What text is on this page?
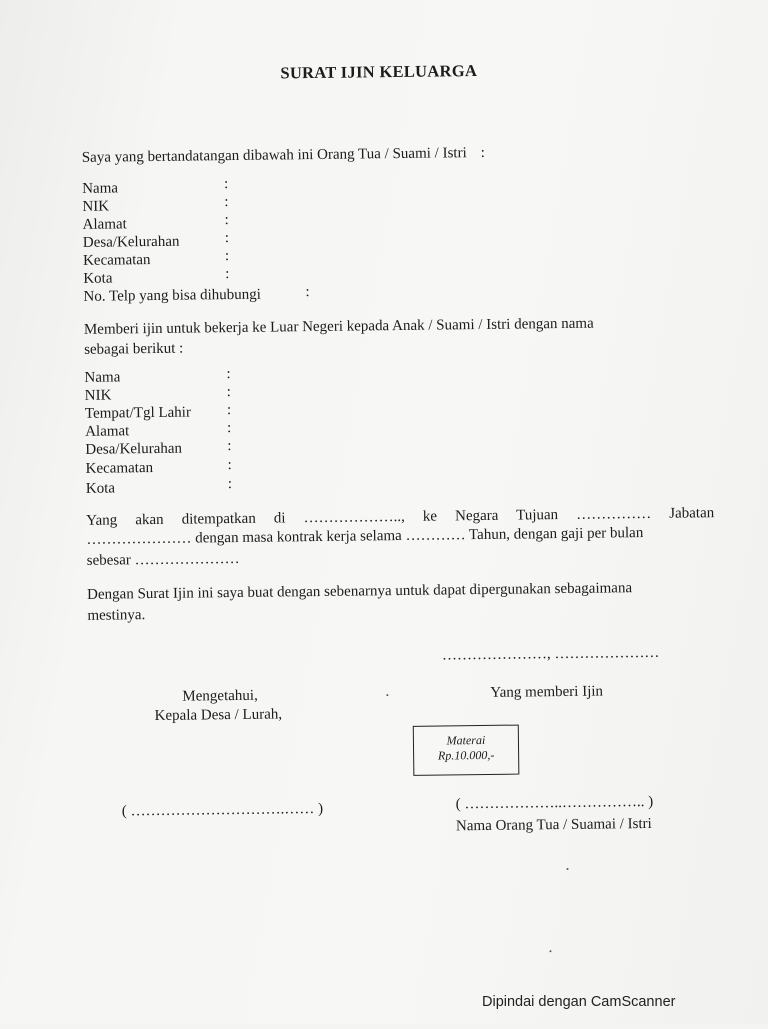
SURAT IJIN KELUARGA
Saya yang bertandatangan dibawah ini Orang Tua / Suami / Istri :
Nama	:
NIK	:
Alamat	:
Desa/Kelurahan	:
Kecamatan	:
Kota	:
No. Telp yang bisa dihubungi	:
Memberi ijin untuk bekerja ke Luar Negeri kepada Anak / Suami / Istri dengan nama
sebagai berikut :
Nama	:
NIK	:
Tempat/Tgl Lahir :
Alamat	:
Desa/Kelurahan	:
Kecamatan	:
Kota	:
Yang akan ditempatkan di ……………….., ke Negara Tujuan …………… Jabatan
………………… dengan masa kontrak kerja selama ………… Tahun, dengan gaji per bulan
sebesar …………………
Dengan Surat Ijin ini saya buat dengan sebenarnya untuk dapat dipergunakan sebagaimana
mestinya.
…………………, …………………
Mengetahui,
Kepala Desa / Lurah,
Yang memberi Ijin
Materai
Rp.10.000,-
( ………………………….…… )	( ………………..…………….. )
Nama Orang Tua / Suamai / Istri
Dipindai dengan CamScanner
